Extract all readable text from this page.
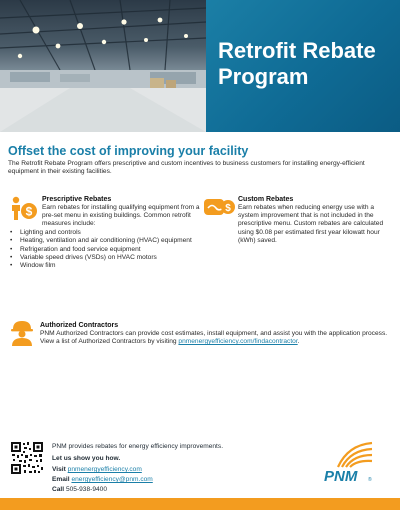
Retrofit Rebate
Program
Offset the cost of improving your facility
The Retrofit Rebate Program offers prescriptive and custom incentives to business customers for installing energy-efficient equipment in their existing facilities.
$
Prescriptive Rebates
Earn rebates for installing qualifying equipment from a pre-set menu in existing buildings. Common retrofit measures include:
• Lighting and controls
• Heating, ventilation and air conditioning (HVAC) equipment
• Refrigeration and food service equipment
• Variable speed drives (VSDs) on HVAC motors
• Window film
$
Custom Rebates
Earn rebates when reducing energy use with a system improvement that is not included in the prescriptive menu. Custom rebates are calculated using $0.08 per estimated first year kilowatt hour (kWh) saved.
Authorized Contractors
PNM Authorized Contractors can provide cost estimates, install equipment, and assist you with the application process. View a list of Authorized Contractors by visiting pnmenergyefficiency.com/findacontractor.
PNM provides rebates for energy efficiency improvements.
Let us show you how.
Visit pnmenergyefficiency.com
Email energyefficiency@pnm.com
Call 505-938-9400
PNM ®
